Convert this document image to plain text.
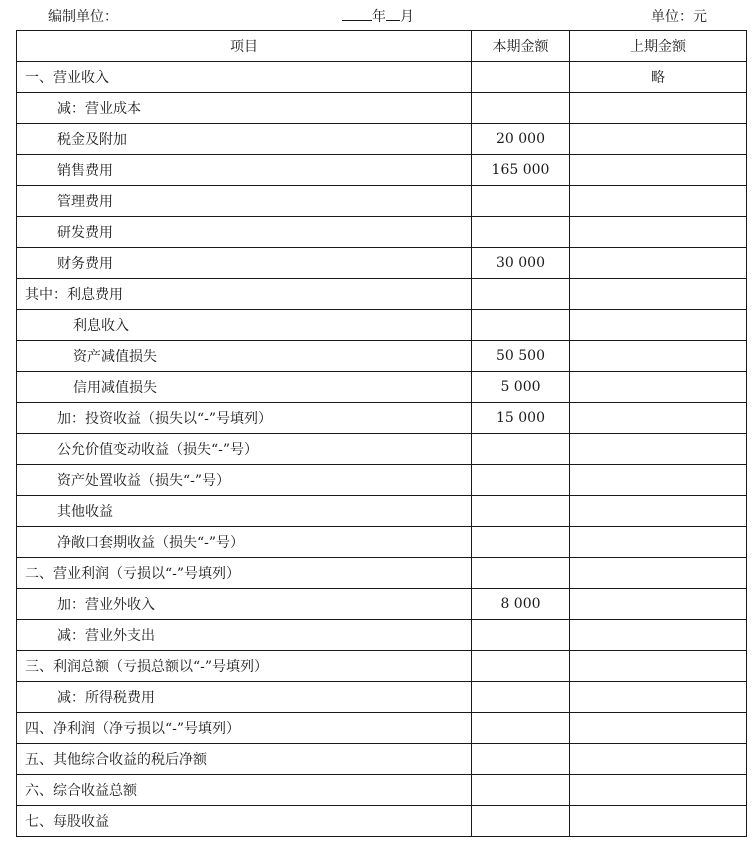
编制单位：	年 月	单位：元
项目	本期金额	上期金额
一、营业收入		略
减：营业成本		
税金及附加	20 000	
销售费用	165 000	
管理费用		
研发费用		
财务费用	30 000	
其中：利息费用		
利息收入		
资产减值损失	50 500	
信用减值损失	5 000	
加：投资收益（损失以“-”号填列）	15 000	
公允价值变动收益（损失“-”号）		
资产处置收益（损失“-”号）		
其他收益		
净敞口套期收益（损失“-”号）		
二、营业利润（亏损以“-”号填列）		
加：营业外收入	8 000	
减：营业外支出		
三、利润总额（亏损总额以“-”号填列）		
减：所得税费用		
四、净利润（净亏损以“-”号填列）		
五、其他综合收益的税后净额		
六、综合收益总额		
七、每股收益		
